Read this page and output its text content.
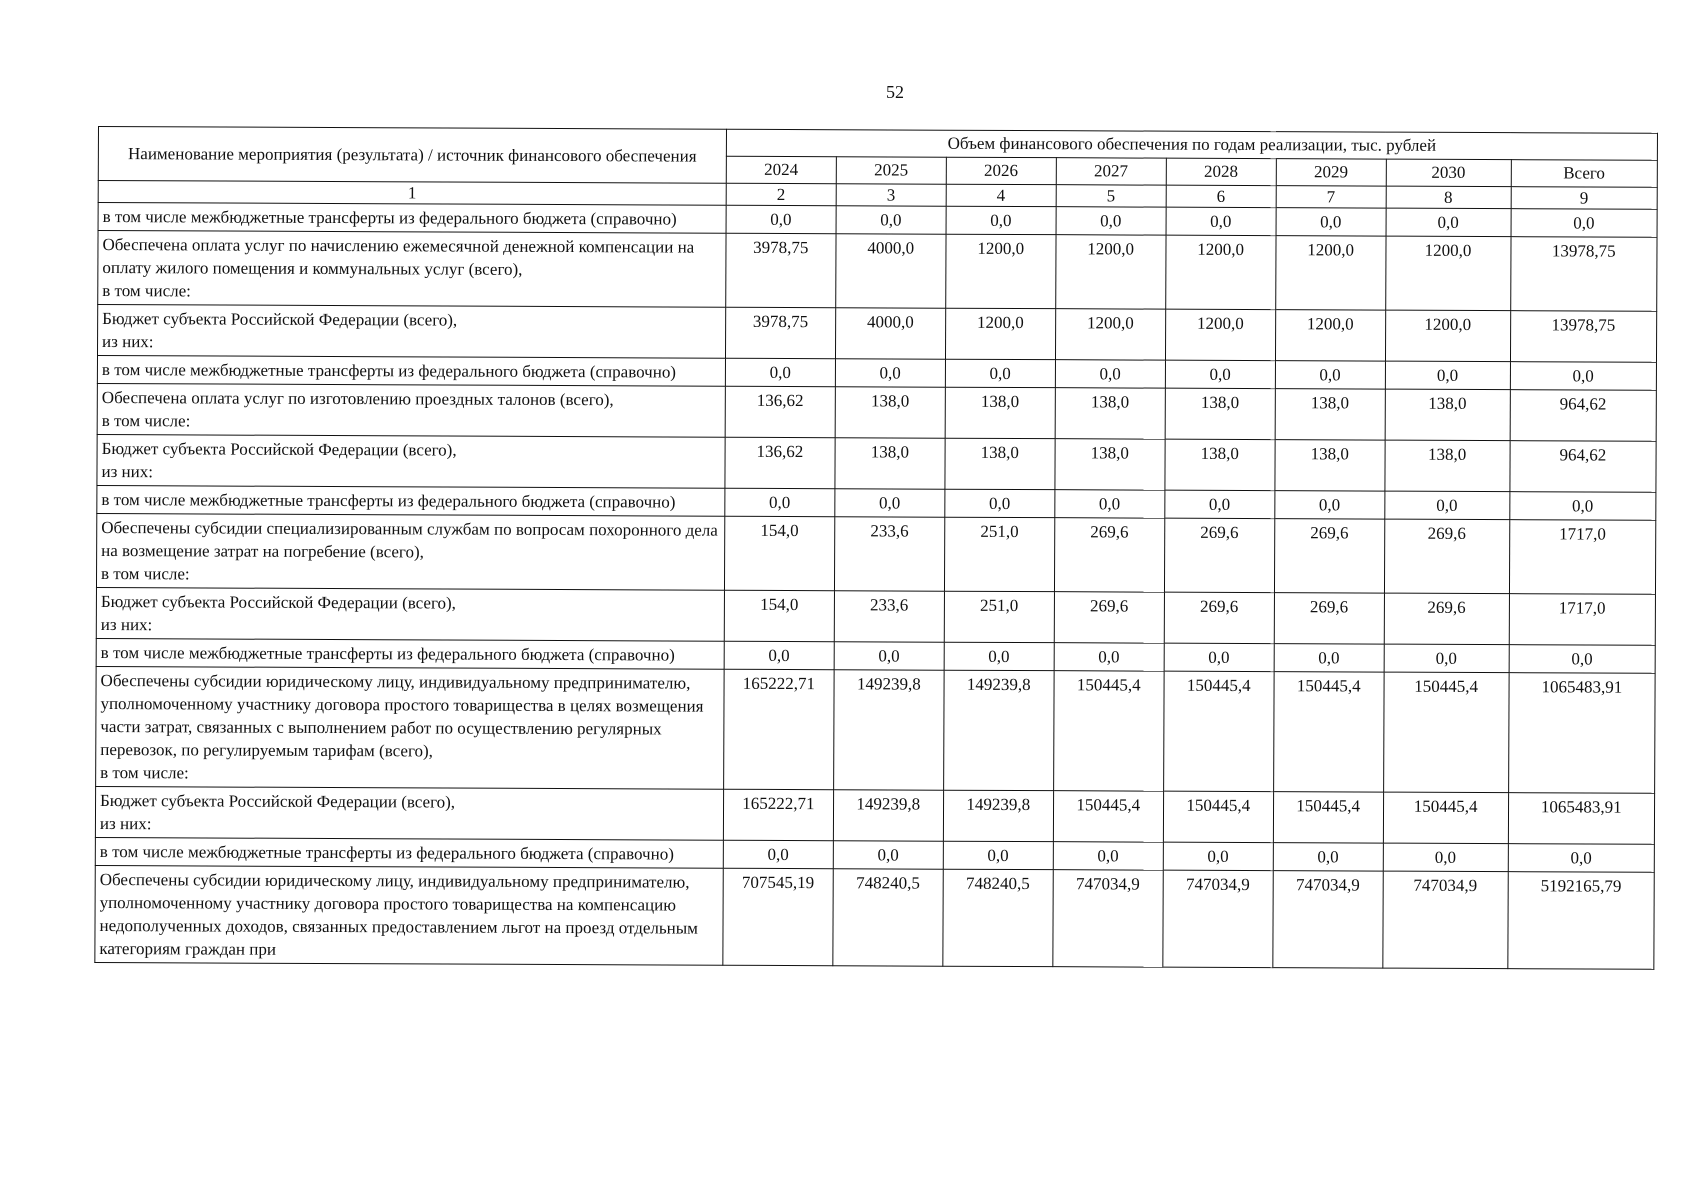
52
Наименование мероприятия (результата) / источник финансового обеспечения	Объем финансового обеспечения по годам реализации, тыс. рублей							
	2024	2025	2026	2027	2028	2029	2030	Всего
1	2	3	4	5	6	7	8	9
в том числе межбюджетные трансферты из федерального бюджета (справочно)	0,0	0,0	0,0	0,0	0,0	0,0	0,0	0,0
Обеспечена оплата услуг по начислению ежемесячной денежной компенсации на оплату жилого помещения и коммунальных услуг (всего),
в том числе:	3978,75	4000,0	1200,0	1200,0	1200,0	1200,0	1200,0	13978,75
Бюджет субъекта Российской Федерации (всего),
из них:	3978,75	4000,0	1200,0	1200,0	1200,0	1200,0	1200,0	13978,75
в том числе межбюджетные трансферты из федерального бюджета (справочно)	0,0	0,0	0,0	0,0	0,0	0,0	0,0	0,0
Обеспечена оплата услуг по изготовлению проездных талонов (всего),
в том числе:	136,62	138,0	138,0	138,0	138,0	138,0	138,0	964,62
Бюджет субъекта Российской Федерации (всего),
из них:	136,62	138,0	138,0	138,0	138,0	138,0	138,0	964,62
в том числе межбюджетные трансферты из федерального бюджета (справочно)	0,0	0,0	0,0	0,0	0,0	0,0	0,0	0,0
Обеспечены субсидии специализированным службам по вопросам похоронного дела на возмещение затрат на погребение (всего),
в том числе:	154,0	233,6	251,0	269,6	269,6	269,6	269,6	1717,0
Бюджет субъекта Российской Федерации (всего),
из них:	154,0	233,6	251,0	269,6	269,6	269,6	269,6	1717,0
в том числе межбюджетные трансферты из федерального бюджета (справочно)	0,0	0,0	0,0	0,0	0,0	0,0	0,0	0,0
Обеспечены субсидии юридическому лицу, индивидуальному предпринимателю, уполномоченному участнику договора простого товарищества в целях возмещения части затрат, связанных с выполнением работ по осуществлению регулярных перевозок, по регулируемым тарифам (всего),
в том числе:	165222,71	149239,8	149239,8	150445,4	150445,4	150445,4	150445,4	1065483,91
Бюджет субъекта Российской Федерации (всего),
из них:	165222,71	149239,8	149239,8	150445,4	150445,4	150445,4	150445,4	1065483,91
в том числе межбюджетные трансферты из федерального бюджета (справочно)	0,0	0,0	0,0	0,0	0,0	0,0	0,0	0,0
Обеспечены субсидии юридическому лицу, индивидуальному предпринимателю, уполномоченному участнику договора простого товарищества на компенсацию недополученных доходов, связанных предоставлением льгот на проезд отдельным категориям граждан при	707545,19	748240,5	748240,5	747034,9	747034,9	747034,9	747034,9	5192165,79
